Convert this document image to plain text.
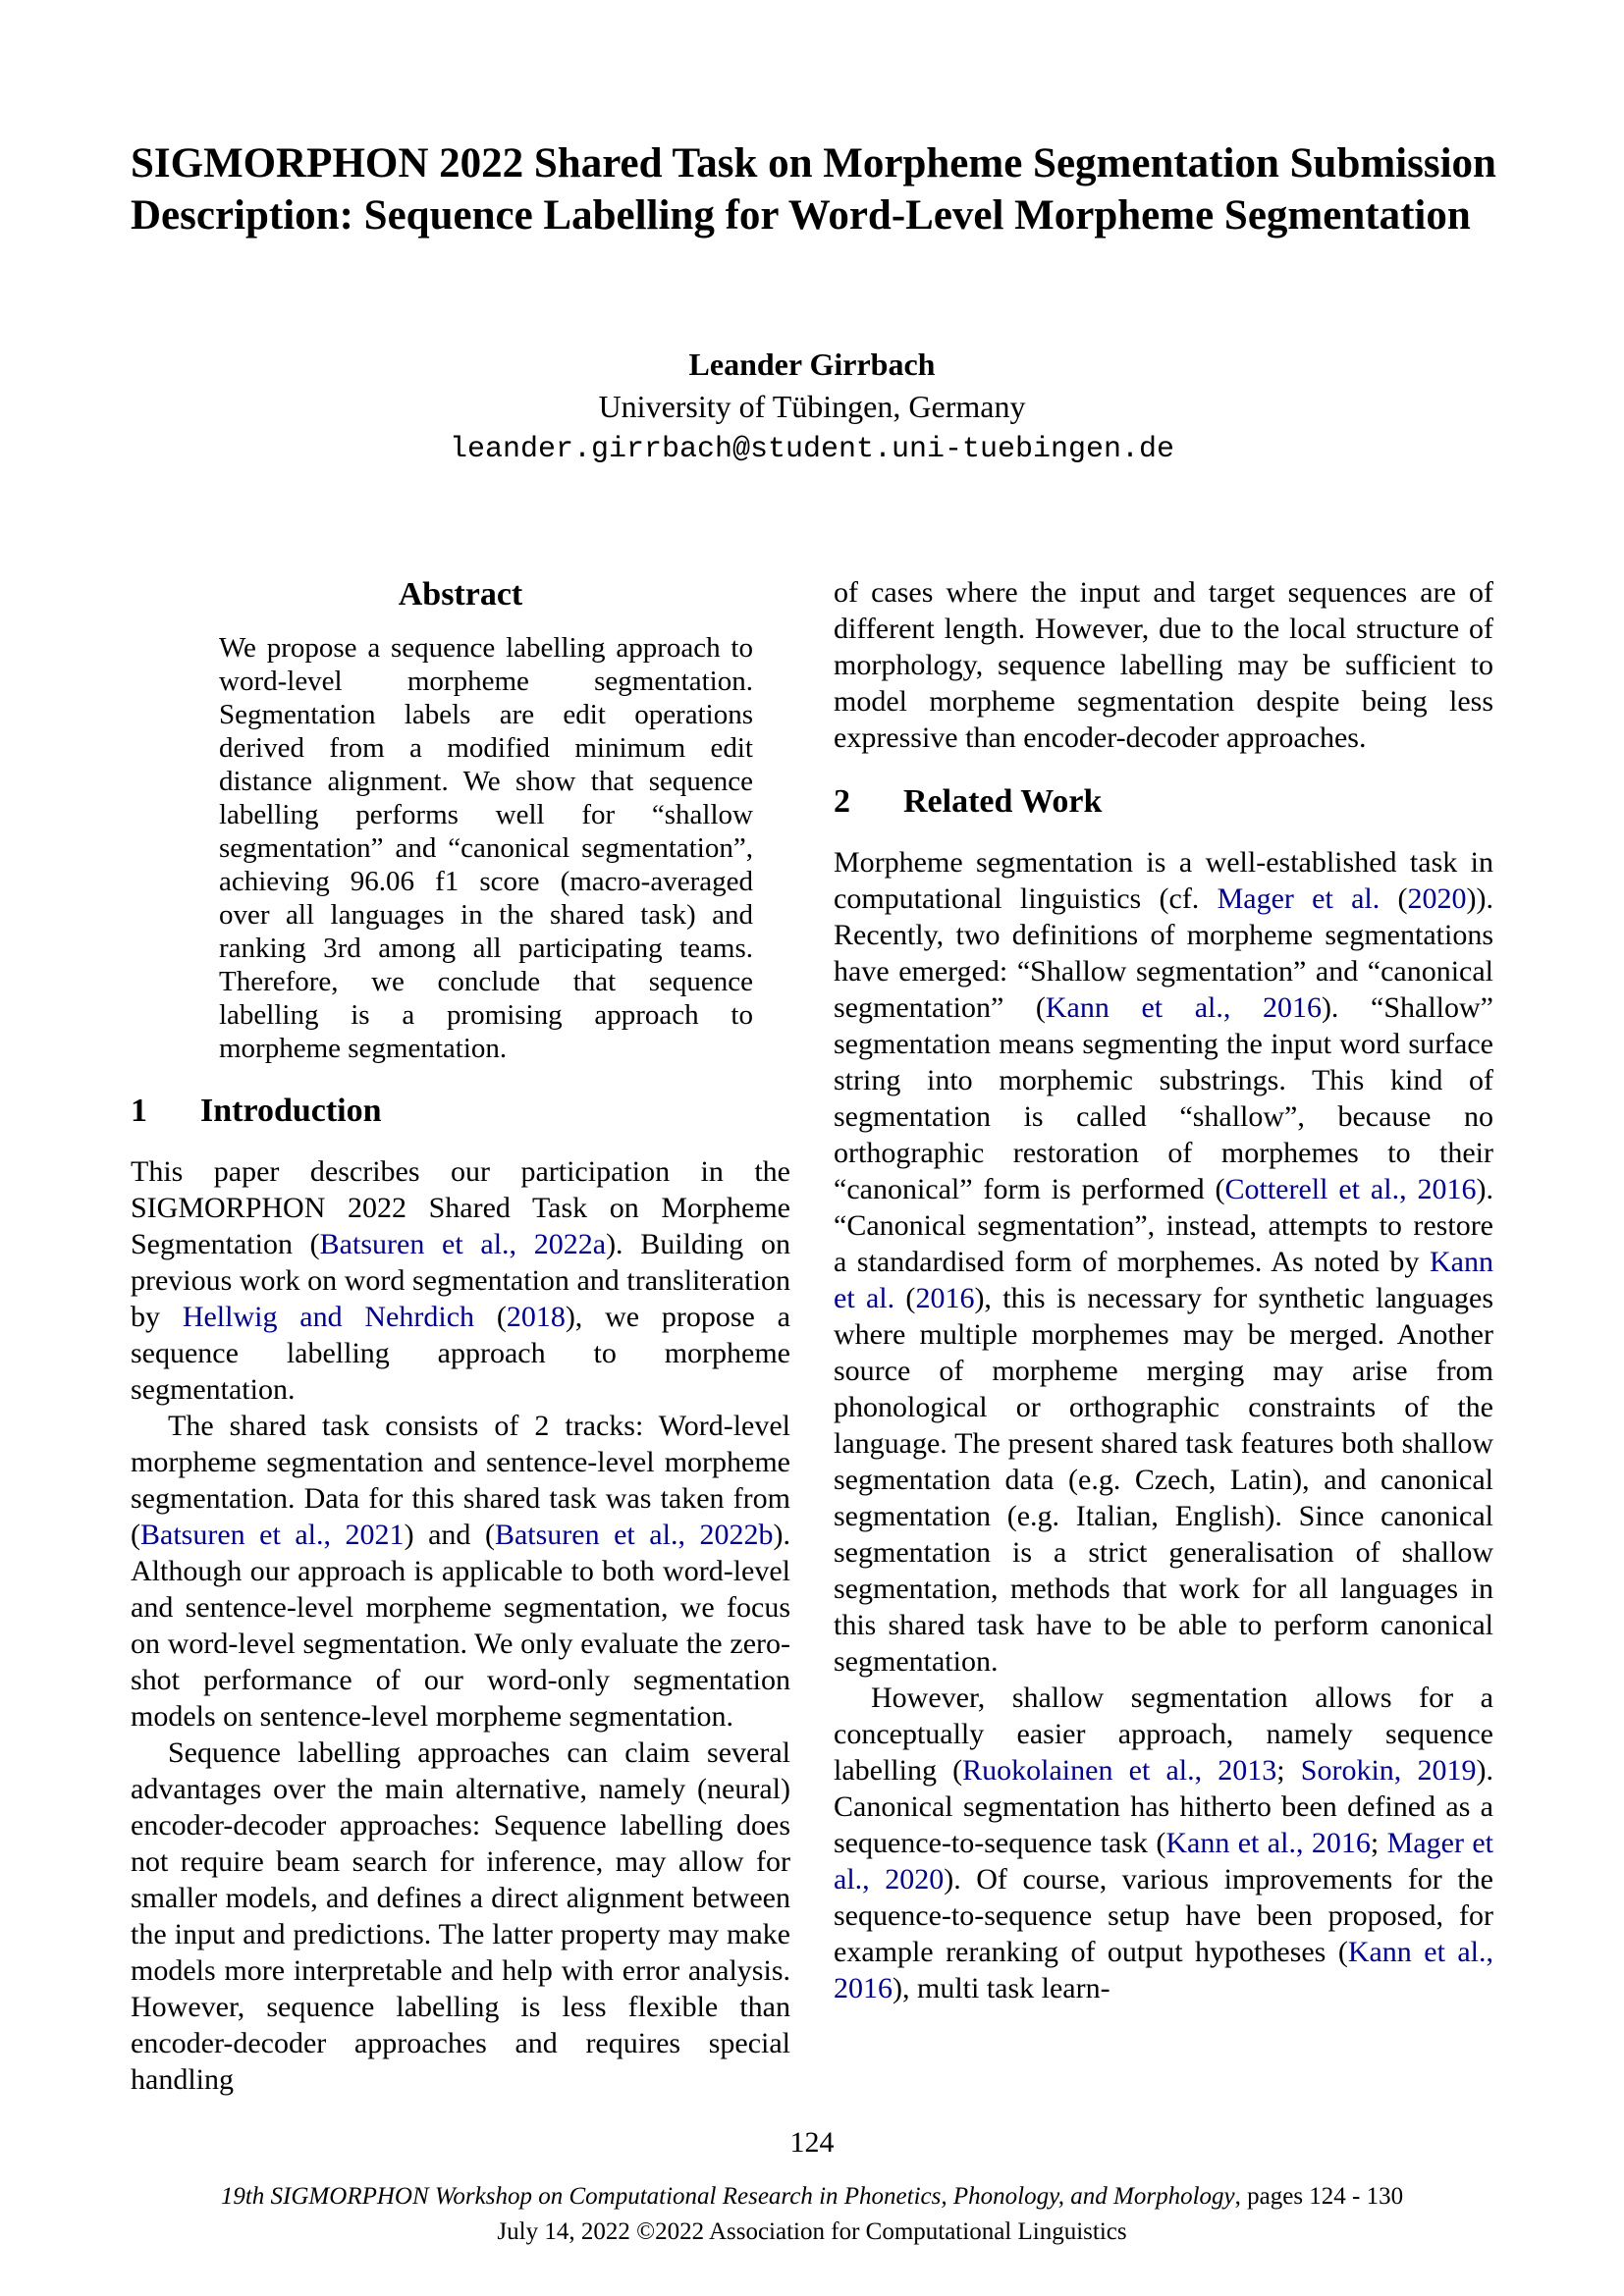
SIGMORPHON 2022 Shared Task on Morpheme Segmentation Submission
Description: Sequence Labelling for Word-Level Morpheme Segmentation
Leander Girrbach
University of Tübingen, Germany
leander.girrbach@student.uni-tuebingen.de
Abstract

We propose a sequence labelling approach to word-level morpheme segmentation. Segmentation labels are edit operations derived from a modified minimum edit distance alignment. We show that sequence labelling performs well for “shallow segmentation” and “canonical segmentation”, achieving 96.06 f1 score (macro-averaged over all languages in the shared task) and ranking 3rd among all participating teams. Therefore, we conclude that sequence labelling is a promising approach to morpheme segmentation.

1 Introduction

This paper describes our participation in the SIGMORPHON 2022 Shared Task on Morpheme Segmentation (Batsuren et al., 2022a). Building on previous work on word segmentation and transliteration by Hellwig and Nehrdich (2018), we propose a sequence labelling approach to morpheme segmentation.

The shared task consists of 2 tracks: Word-level morpheme segmentation and sentence-level morpheme segmentation. Data for this shared task was taken from (Batsuren et al., 2021) and (Batsuren et al., 2022b). Although our approach is applicable to both word-level and sentence-level morpheme segmentation, we focus on word-level segmentation. We only evaluate the zero-shot performance of our word-only segmentation models on sentence-level morpheme segmentation.

Sequence labelling approaches can claim several advantages over the main alternative, namely (neural) encoder-decoder approaches: Sequence labelling does not require beam search for inference, may allow for smaller models, and defines a direct alignment between the input and predictions. The latter property may make models more interpretable and help with error analysis. However, sequence labelling is less flexible than encoder-decoder approaches and requires special handling

of cases where the input and target sequences are of different length. However, due to the local structure of morphology, sequence labelling may be sufficient to model morpheme segmentation despite being less expressive than encoder-decoder approaches.

2 Related Work

Morpheme segmentation is a well-established task in computational linguistics (cf. Mager et al. (2020)). Recently, two definitions of morpheme segmentations have emerged: “Shallow segmentation” and “canonical segmentation” (Kann et al., 2016). “Shallow” segmentation means segmenting the input word surface string into morphemic substrings. This kind of segmentation is called “shallow”, because no orthographic restoration of morphemes to their “canonical” form is performed (Cotterell et al., 2016). “Canonical segmentation”, instead, attempts to restore a standardised form of morphemes. As noted by Kann et al. (2016), this is necessary for synthetic languages where multiple morphemes may be merged. Another source of morpheme merging may arise from phonological or orthographic constraints of the language. The present shared task features both shallow segmentation data (e.g. Czech, Latin), and canonical segmentation (e.g. Italian, English). Since canonical segmentation is a strict generalisation of shallow segmentation, methods that work for all languages in this shared task have to be able to perform canonical segmentation.

However, shallow segmentation allows for a conceptually easier approach, namely sequence labelling (Ruokolainen et al., 2013; Sorokin, 2019). Canonical segmentation has hitherto been defined as a sequence-to-sequence task (Kann et al., 2016; Mager et al., 2020). Of course, various improvements for the sequence-to-sequence setup have been proposed, for example reranking of output hypotheses (Kann et al., 2016), multi task learn-

124
19th SIGMORPHON Workshop on Computational Research in Phonetics, Phonology, and Morphology, pages 124 - 130
July 14, 2022 ©2022 Association for Computational Linguistics
